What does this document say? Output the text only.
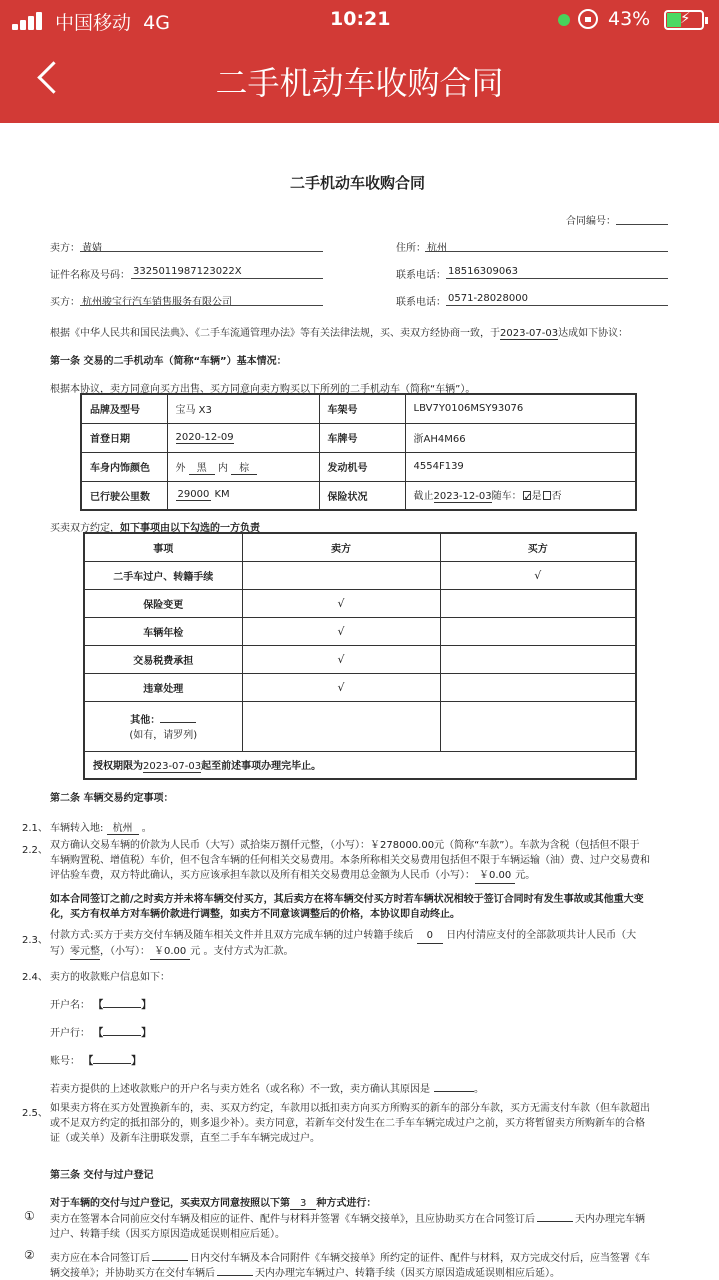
中国移动 4G	10:21	43% ⚡
二手机动车收购合同
二手机动车收购合同
合同编号：
卖方： 黄婧	住所： 杭州
证件名称及号码： 3325011987123022X	联系电话： 18516309063
买方： 杭州骏宝行汽车销售服务有限公司	联系电话： 0571-28028000
根据《中华人民共和国民法典》、《二手车流通管理办法》等有关法律法规，买、卖双方经协商一致，于2023-07-03达成如下协议：
第一条 交易的二手机动车（简称“车辆”）基本情况：
根据本协议，卖方同意向买方出售、买方同意向卖方购买以下所列的二手机动车（简称“车辆”）。
品牌及型号	宝马 X3	车架号	LBV7Y0106MSY93076
首登日期	2020-12-09	车牌号	浙AH4M66
车身内饰颜色	外 黑 内 棕	发动机号	4554F139
已行驶公里数	29000 KM	保险状况	截止2023-12-03随车： ✓是 否
买卖双方约定，如下事项由以下勾选的一方负责
事项	卖方	买方
二手车过户、转籍手续		√
保险变更	√	
车辆年检	√	
交易税费承担	√	
违章处理	√	
其他：
(如有，请罗列)		
授权期限为2023-07-03起至前述事项办理完毕止。		
第二条 车辆交易约定事项：
2.1、 车辆转入地: 杭州 。
2.2、 双方确认交易车辆的价款为人民币（大写）贰拾柒万捌仟元整，（小写）：￥278000.00元（简称“车款”）。车款为含税（包括但不限于
车辆购置税、增值税）车价，但不包含车辆的任何相关交易费用。本条所称相关交易费用包括但不限于车辆运输（油）费、过户交易费和
评估验车费，双方特此确认，买方应该承担车款以及所有相关交易费用总金额为人民币（小写）： ￥0.00 元。
如本合同签订之前/之时卖方并未将车辆交付买方，其后卖方在将车辆交付买方时若车辆状况相较于签订合同时有发生事故或其他重大变
化，买方有权单方对车辆价款进行调整，如卖方不同意该调整后的价格，本协议即自动终止。
2.3、 付款方式:买方于卖方交付车辆及随车相关文件并且双方完成车辆的过户转籍手续后 0 日内付清应支付的全部款项共计人民币（大
写）零元整，（小写）： ￥0.00 元 。支付方式为汇款。
2.4、 卖方的收款账户信息如下：
开户名： 【	】
开户行： 【	】
账号： 【	】
若卖方提供的上述收款账户的开户名与卖方姓名（或名称）不一致，卖方确认其原因是	。
2.5、 如果卖方将在买方处置换新车的，卖、买双方约定，车款用以抵扣卖方向买方所购买的新车的部分车款，买方无需支付车款（但车款超出
或不足双方约定的抵扣部分的，则多退少补）。卖方同意，若新车交付发生在二手车车辆完成过户之前，买方将暂留卖方所购新车的合格
证（或关单）及新车注册联发票，直至二手车车辆完成过户。
第三条 交付与过户登记
对于车辆的交付与过户登记，买卖双方同意按照以下第 3 种方式进行：
① 卖方在签署本合同前应交付车辆及相应的证件、配件与材料并签署《车辆交接单》，且应协助买方在合同签订后	天内办理完车辆
过户、转籍手续（因买方原因造成延误则相应后延）。
② 卖方应在本合同签订后	日内交付车辆及本合同附件《车辆交接单》所约定的证件、配件与材料，双方完成交付后，应当签署《车
辆交接单》；并协助买方在交付车辆后	天内办理完车辆过户、转籍手续（因买方原因造成延误则相应后延）。
